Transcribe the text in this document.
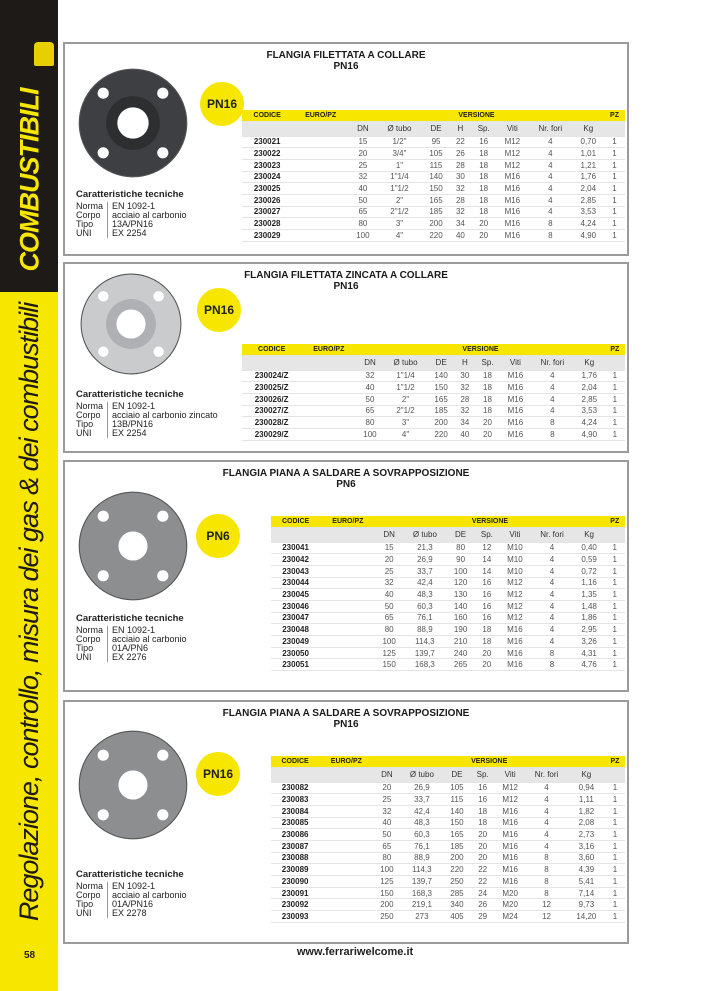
COMBUSTIBILI
Regolazione, controllo, misura dei gas & dei combustibili
FLANGIA FILETTATA A COLLARE
PN16
PN16
Caratteristiche tecniche
Norma	EN 1092-1
Corpo	acciaio al carbonio
Tipo	13A/PN16
UNI	EX 2254
CODICE	EURO/PZ	VERSIONE								PZ
		DN	Ø tubo	DE	H	Sp.	Viti	Nr. fori	Kg	
230021		15	1/2"	95	22	16	M12	4	0,70	1
230022		20	3/4"	105	26	18	M12	4	1,01	1
230023		25	1"	115	28	18	M12	4	1,21	1
230024		32	1"1/4	140	30	18	M16	4	1,76	1
230025		40	1"1/2	150	32	18	M16	4	2,04	1
230026		50	2"	165	28	18	M16	4	2,85	1
230027		65	2"1/2	185	32	18	M16	4	3,53	1
230028		80	3"	200	34	20	M16	8	4,24	1
230029		100	4"	220	40	20	M16	8	4,90	1
FLANGIA FILETTATA ZINCATA A COLLARE
PN16
PN16
Caratteristiche tecniche
Norma	EN 1092-1
Corpo	acciaio al carbonio zincato
Tipo	13B/PN16
UNI	EX 2254
CODICE	EURO/PZ	VERSIONE								PZ
		DN	Ø tubo	DE	H	Sp.	Viti	Nr. fori	Kg	
230024/Z		32	1"1/4	140	30	18	M16	4	1,76	1
230025/Z		40	1"1/2	150	32	18	M16	4	2,04	1
230026/Z		50	2"	165	28	18	M16	4	2,85	1
230027/Z		65	2"1/2	185	32	18	M16	4	3,53	1
230028/Z		80	3"	200	34	20	M16	8	4,24	1
230029/Z		100	4"	220	40	20	M16	8	4,90	1
FLANGIA PIANA A SALDARE A SOVRAPPOSIZIONE
PN6
PN6
Caratteristiche tecniche
Norma	EN 1092-1
Corpo	acciaio al carbonio
Tipo	01A/PN6
UNI	EX 2276
CODICE	EURO/PZ	VERSIONE							PZ
		DN	Ø tubo	DE	Sp.	Viti	Nr. fori	Kg	
230041		15	21,3	80	12	M10	4	0,40	1
230042		20	26,9	90	14	M10	4	0,59	1
230043		25	33,7	100	14	M10	4	0,72	1
230044		32	42,4	120	16	M12	4	1,16	1
230045		40	48,3	130	16	M12	4	1,35	1
230046		50	60,3	140	16	M12	4	1,48	1
230047		65	76,1	160	16	M12	4	1,86	1
230048		80	88,9	190	18	M16	4	2,95	1
230049		100	114,3	210	18	M16	4	3,26	1
230050		125	139,7	240	20	M16	8	4,31	1
230051		150	168,3	265	20	M16	8	4,76	1
FLANGIA PIANA A SALDARE A SOVRAPPOSIZIONE
PN16
PN16
Caratteristiche tecniche
Norma	EN 1092-1
Corpo	acciaio al carbonio
Tipo	01A/PN16
UNI	EX 2278
CODICE	EURO/PZ	VERSIONE							PZ
		DN	Ø tubo	DE	Sp.	Viti	Nr. fori	Kg	
230082		20	26,9	105	16	M12	4	0,94	1
230083		25	33,7	115	16	M12	4	1,11	1
230084		32	42,4	140	18	M16	4	1,82	1
230085		40	48,3	150	18	M16	4	2,08	1
230086		50	60,3	165	20	M16	4	2,73	1
230087		65	76,1	185	20	M16	4	3,16	1
230088		80	88,9	200	20	M16	8	3,60	1
230089		100	114,3	220	22	M16	8	4,39	1
230090		125	139,7	250	22	M16	8	5,41	1
230091		150	168,3	285	24	M20	8	7,14	1
230092		200	219,1	340	26	M20	12	9,73	1
230093		250	273	405	29	M24	12	14,20	1
58	www.ferrariwelcome.it
